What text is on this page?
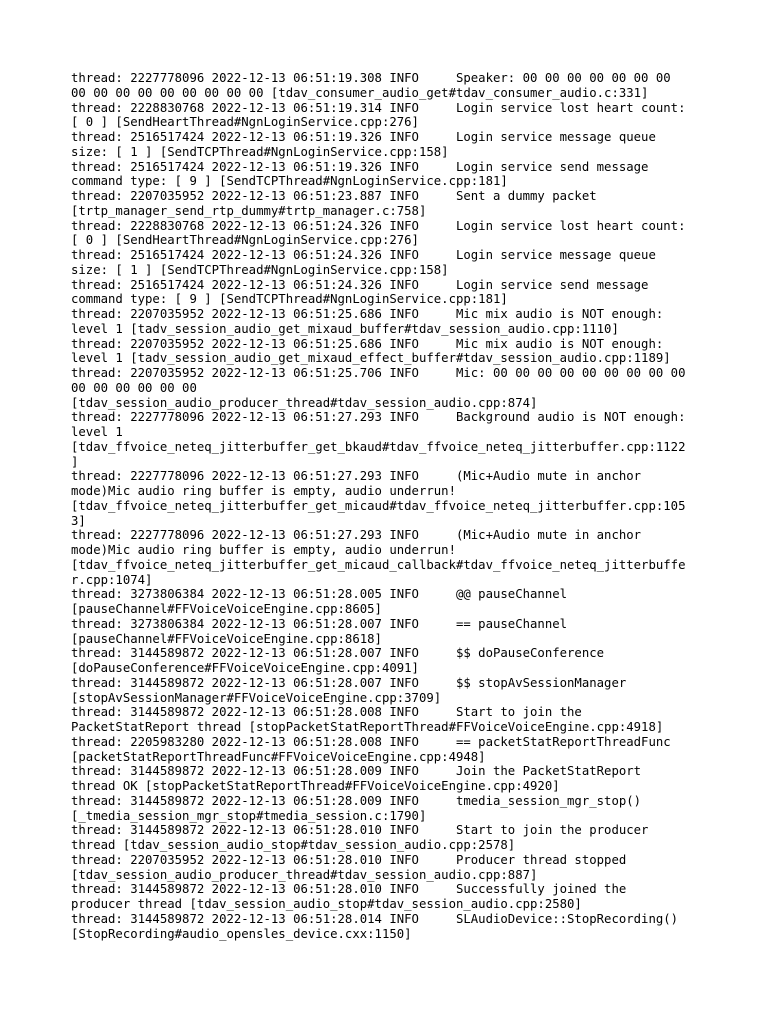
thread: 2227778096 2022-12-13 06:51:19.308 INFO     Speaker: 00 00 00 00 00 00 00
00 00 00 00 00 00 00 00 00 [tdav_consumer_audio_get#tdav_consumer_audio.c:331]
thread: 2228830768 2022-12-13 06:51:19.314 INFO     Login service lost heart count:
[ 0 ] [SendHeartThread#NgnLoginService.cpp:276]
thread: 2516517424 2022-12-13 06:51:19.326 INFO     Login service message queue
size: [ 1 ] [SendTCPThread#NgnLoginService.cpp:158]
thread: 2516517424 2022-12-13 06:51:19.326 INFO     Login service send message
command type: [ 9 ] [SendTCPThread#NgnLoginService.cpp:181]
thread: 2207035952 2022-12-13 06:51:23.887 INFO     Sent a dummy packet
[trtp_manager_send_rtp_dummy#trtp_manager.c:758]
thread: 2228830768 2022-12-13 06:51:24.326 INFO     Login service lost heart count:
[ 0 ] [SendHeartThread#NgnLoginService.cpp:276]
thread: 2516517424 2022-12-13 06:51:24.326 INFO     Login service message queue
size: [ 1 ] [SendTCPThread#NgnLoginService.cpp:158]
thread: 2516517424 2022-12-13 06:51:24.326 INFO     Login service send message
command type: [ 9 ] [SendTCPThread#NgnLoginService.cpp:181]
thread: 2207035952 2022-12-13 06:51:25.686 INFO     Mic mix audio is NOT enough:
level 1 [tadv_session_audio_get_mixaud_buffer#tdav_session_audio.cpp:1110]
thread: 2207035952 2022-12-13 06:51:25.686 INFO     Mic mix audio is NOT enough:
level 1 [tadv_session_audio_get_mixaud_effect_buffer#tdav_session_audio.cpp:1189]
thread: 2207035952 2022-12-13 06:51:25.706 INFO     Mic: 00 00 00 00 00 00 00 00 00
00 00 00 00 00 00
[tdav_session_audio_producer_thread#tdav_session_audio.cpp:874]
thread: 2227778096 2022-12-13 06:51:27.293 INFO     Background audio is NOT enough:
level 1
[tdav_ffvoice_neteq_jitterbuffer_get_bkaud#tdav_ffvoice_neteq_jitterbuffer.cpp:1122
]
thread: 2227778096 2022-12-13 06:51:27.293 INFO     (Mic+Audio mute in anchor
mode)Mic audio ring buffer is empty, audio underrun!
[tdav_ffvoice_neteq_jitterbuffer_get_micaud#tdav_ffvoice_neteq_jitterbuffer.cpp:105
3]
thread: 2227778096 2022-12-13 06:51:27.293 INFO     (Mic+Audio mute in anchor
mode)Mic audio ring buffer is empty, audio underrun!
[tdav_ffvoice_neteq_jitterbuffer_get_micaud_callback#tdav_ffvoice_neteq_jitterbuffe
r.cpp:1074]
thread: 3273806384 2022-12-13 06:51:28.005 INFO     @@ pauseChannel
[pauseChannel#FFVoiceVoiceEngine.cpp:8605]
thread: 3273806384 2022-12-13 06:51:28.007 INFO     == pauseChannel
[pauseChannel#FFVoiceVoiceEngine.cpp:8618]
thread: 3144589872 2022-12-13 06:51:28.007 INFO     $$ doPauseConference
[doPauseConference#FFVoiceVoiceEngine.cpp:4091]
thread: 3144589872 2022-12-13 06:51:28.007 INFO     $$ stopAvSessionManager
[stopAvSessionManager#FFVoiceVoiceEngine.cpp:3709]
thread: 3144589872 2022-12-13 06:51:28.008 INFO     Start to join the
PacketStatReport thread [stopPacketStatReportThread#FFVoiceVoiceEngine.cpp:4918]
thread: 2205983280 2022-12-13 06:51:28.008 INFO     == packetStatReportThreadFunc
[packetStatReportThreadFunc#FFVoiceVoiceEngine.cpp:4948]
thread: 3144589872 2022-12-13 06:51:28.009 INFO     Join the PacketStatReport
thread OK [stopPacketStatReportThread#FFVoiceVoiceEngine.cpp:4920]
thread: 3144589872 2022-12-13 06:51:28.009 INFO     tmedia_session_mgr_stop()
[_tmedia_session_mgr_stop#tmedia_session.c:1790]
thread: 3144589872 2022-12-13 06:51:28.010 INFO     Start to join the producer
thread [tdav_session_audio_stop#tdav_session_audio.cpp:2578]
thread: 2207035952 2022-12-13 06:51:28.010 INFO     Producer thread stopped
[tdav_session_audio_producer_thread#tdav_session_audio.cpp:887]
thread: 3144589872 2022-12-13 06:51:28.010 INFO     Successfully joined the
producer thread [tdav_session_audio_stop#tdav_session_audio.cpp:2580]
thread: 3144589872 2022-12-13 06:51:28.014 INFO     SLAudioDevice::StopRecording()
[StopRecording#audio_opensles_device.cxx:1150]
